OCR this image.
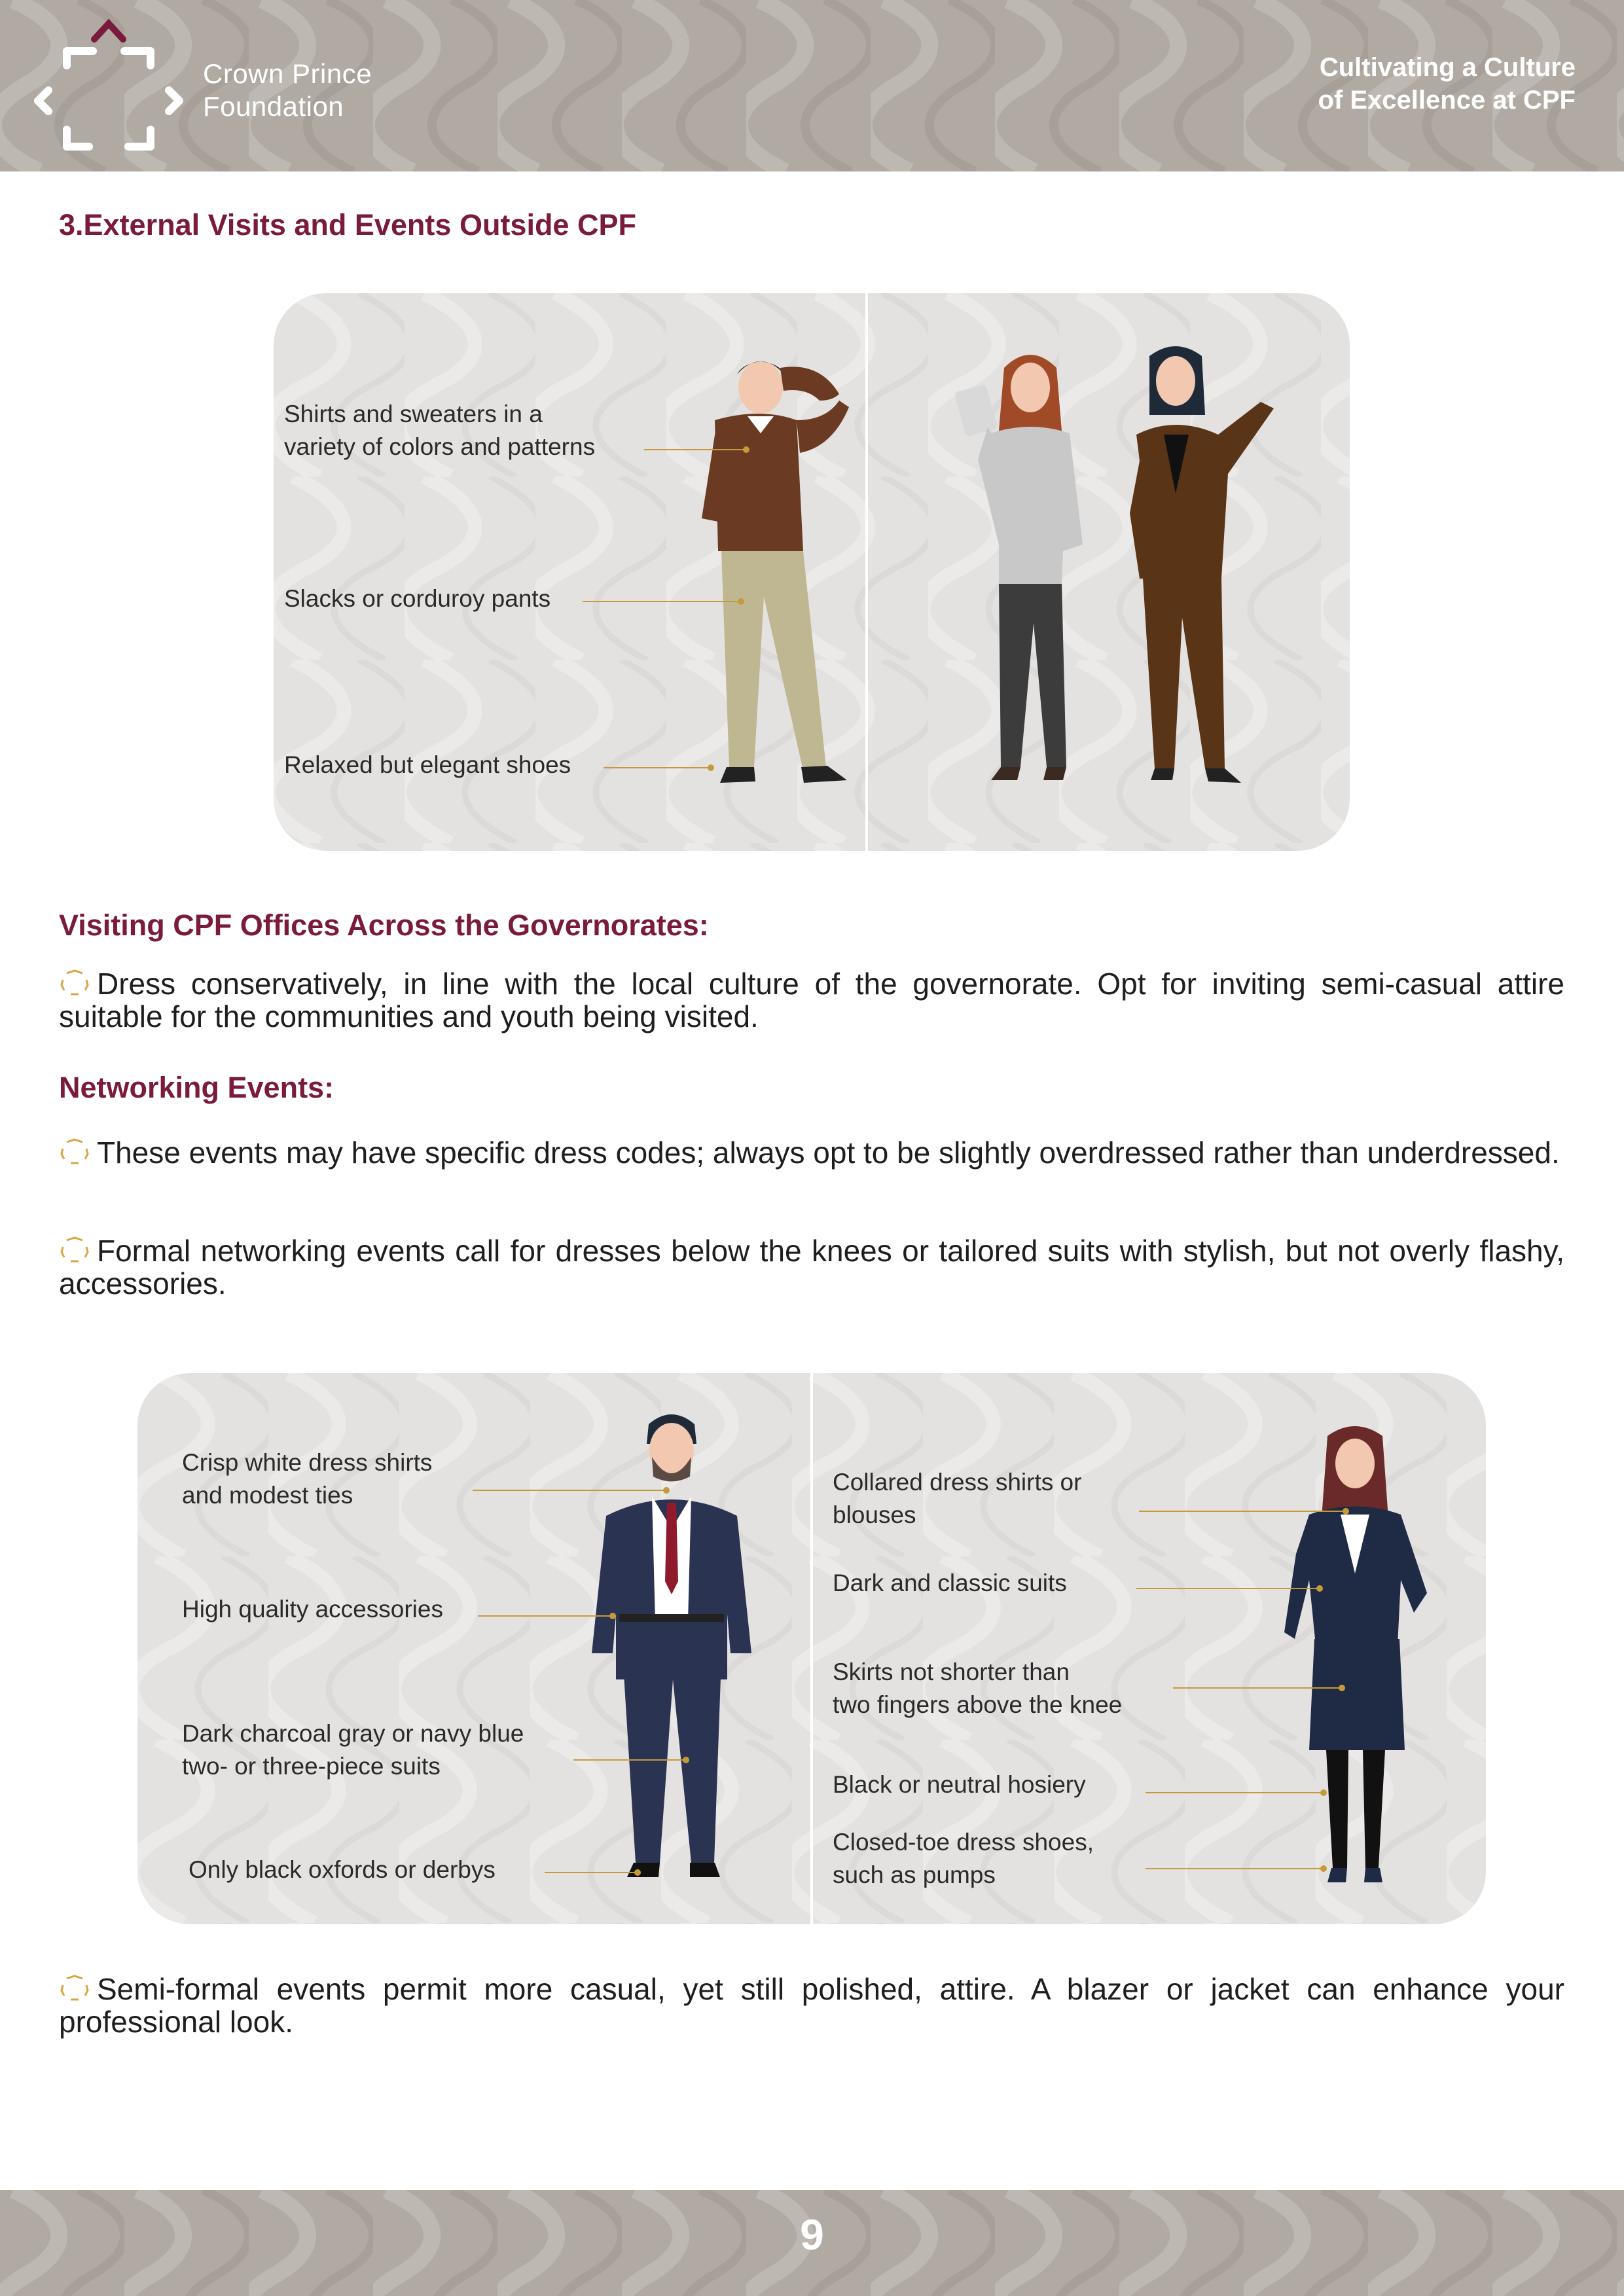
Crown Prince
Foundation
Cultivating a Culture
of Excellence at CPF
3.External Visits and Events Outside CPF
Shirts and sweaters in a
variety of colors and patterns
Slacks or corduroy pants
Relaxed but elegant shoes
Visiting CPF Offices Across the Governorates:
Dress conservatively, in line with the local culture of the governorate. Opt for inviting semi-casual attire suitable for the communities and youth being visited.
Networking Events:
These events may have specific dress codes; always opt to be slightly overdressed rather than underdressed.
Formal networking events call for dresses below the knees or tailored suits with stylish, but not overly flashy, accessories.
Crisp white dress shirts
and modest ties
High quality accessories
Dark charcoal gray or navy blue
two- or three-piece suits
Only black oxfords or derbys
Collared dress shirts or
blouses
Dark and classic suits
Skirts not shorter than
two fingers above the knee
Black or neutral hosiery
Closed-toe dress shoes,
such as pumps
Semi-formal events permit more casual, yet still polished, attire. A blazer or jacket can enhance your professional look.
9
